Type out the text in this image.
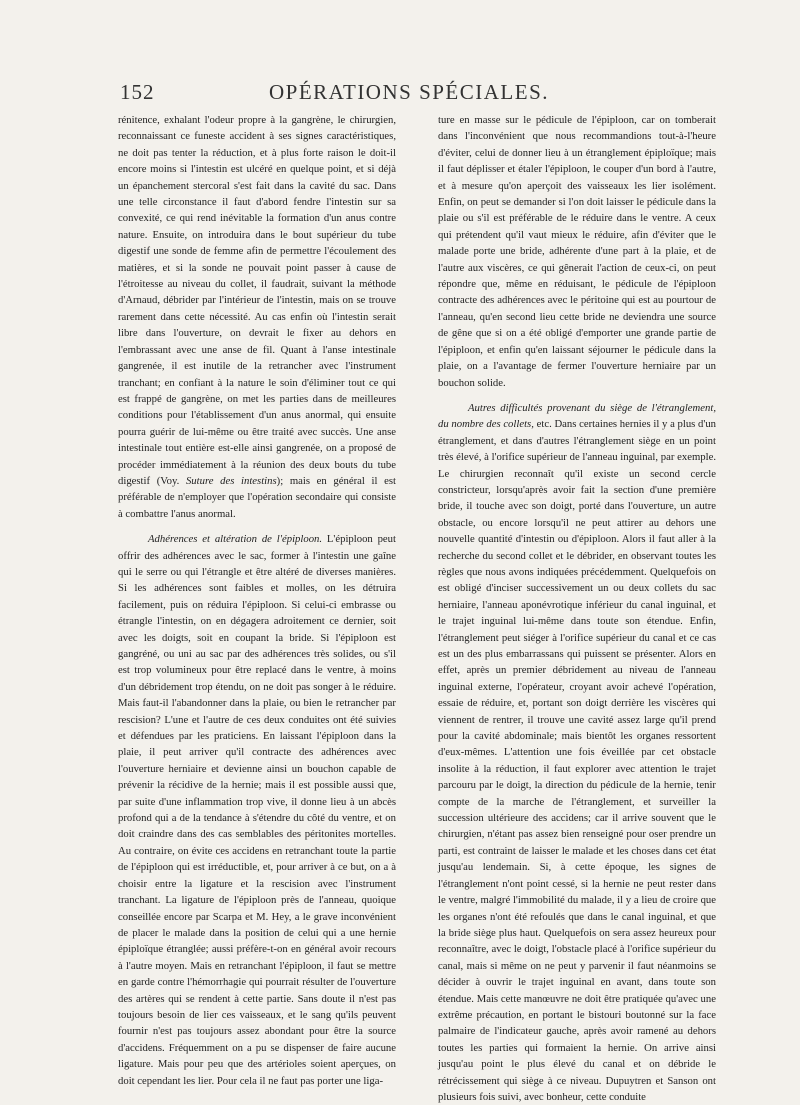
152	OPÉRATIONS SPÉCIALES.

rénitence, exhalant l'odeur propre à la gangrène, le chirurgien, reconnaissant ce funeste accident à ses signes caractéristiques, ne doit pas tenter la réduction, et à plus forte raison le doit-il encore moins si l'intestin est ulcéré en quelque point, et si déjà un épanchement stercoral s'est fait dans la cavité du sac. Dans une telle circonstance il faut d'abord fendre l'intestin sur sa convexité, ce qui rend inévitable la formation d'un anus contre nature. Ensuite, on introduira dans le bout supérieur du tube digestif une sonde de femme afin de permettre l'écoulement des matières, et si la sonde ne pouvait point passer à cause de l'étroitesse au niveau du collet, il faudrait, suivant la méthode d'Arnaud, débrider par l'intérieur de l'intestin, mais on se trouve rarement dans cette nécessité. Au cas enfin où l'intestin serait libre dans l'ouverture, on devrait le fixer au dehors en l'embrassant avec une anse de fil. Quant à l'anse intestinale gangrenée, il est inutile de la retrancher avec l'instrument tranchant; en confiant à la nature le soin d'éliminer tout ce qui est frappé de gangrène, on met les parties dans de meilleures conditions pour l'établissement d'un anus anormal, qui ensuite pourra guérir de lui-même ou être traité avec succès. Une anse intestinale tout entière est-elle ainsi gangrenée, on a proposé de procéder immédiatement à la réunion des deux bouts du tube digestif (Voy. Suture des intestins); mais en général il est préférable de n'employer que l'opération secondaire qui consiste à combattre l'anus anormal.

Adhérences et altération de l'épiploon. L'épiploon peut offrir des adhérences avec le sac, former à l'intestin une gaîne qui le serre ou qui l'étrangle et être altéré de diverses manières. Si les adhérences sont faibles et molles, on les détruira facilement, puis on réduira l'épiploon. Si celui-ci embrasse ou étrangle l'intestin, on en dégagera adroitement ce dernier, soit avec les doigts, soit en coupant la bride. Si l'épiploon est gangréné, ou uni au sac par des adhérences très solides, ou s'il est trop volumineux pour être replacé dans le ventre, à moins d'un débridement trop étendu, on ne doit pas songer à le réduire. Mais faut-il l'abandonner dans la plaie, ou bien le retrancher par rescision? L'une et l'autre de ces deux conduites ont été suivies et défendues par les praticiens. En laissant l'épiploon dans la plaie, il peut arriver qu'il contracte des adhérences avec l'ouverture herniaire et devienne ainsi un bouchon capable de prévenir la récidive de la hernie; mais il est possible aussi que, par suite d'une inflammation trop vive, il donne lieu à un abcès profond qui a de la tendance à s'étendre du côté du ventre, et on doit craindre dans des cas semblables des péritonites mortelles. Au contraire, on évite ces accidens en retranchant toute la partie de l'épiploon qui est irréductible, et, pour arriver à ce but, on a à choisir entre la ligature et la rescision avec l'instrument tranchant. La ligature de l'épiploon près de l'anneau, quoique conseillée encore par Scarpa et M. Hey, a le grave inconvénient de placer le malade dans la position de celui qui a une hernie épiploïque étranglée; aussi préfère-t-on en général avoir recours à l'autre moyen. Mais en retranchant l'épiploon, il faut se mettre en garde contre l'hémorrhagie qui pourrait résulter de l'ouverture des artères qui se rendent à cette partie. Sans doute il n'est pas toujours besoin de lier ces vaisseaux, et le sang qu'ils peuvent fournir n'est pas toujours assez abondant pour être la source d'accidens. Fréquemment on a pu se dispenser de faire aucune ligature. Mais pour peu que des artérioles soient aperçues, on doit cependant les lier. Pour cela il ne faut pas porter une liga-

ture en masse sur le pédicule de l'épiploon, car on tomberait dans l'inconvénient que nous recommandions tout-à-l'heure d'éviter, celui de donner lieu à un étranglement épiploïque; mais il faut déplisser et étaler l'épiploon, le couper d'un bord à l'autre, et à mesure qu'on aperçoit des vaisseaux les lier isolément. Enfin, on peut se demander si l'on doit laisser le pédicule dans la plaie ou s'il est préférable de le réduire dans le ventre. A ceux qui prétendent qu'il vaut mieux le réduire, afin d'éviter que le malade porte une bride, adhérente d'une part à la plaie, et de l'autre aux viscères, ce qui gênerait l'action de ceux-ci, on peut répondre que, même en réduisant, le pédicule de l'épiploon contracte des adhérences avec le péritoine qui est au pourtour de l'anneau, qu'en second lieu cette bride ne deviendra une source de gêne que si on a été obligé d'emporter une grande partie de l'épiploon, et enfin qu'en laissant séjourner le pédicule dans la plaie, on a l'avantage de fermer l'ouverture herniaire par un bouchon solide.

Autres difficultés provenant du siège de l'étranglement, du nombre des collets, etc. Dans certaines hernies il y a plus d'un étranglement, et dans d'autres l'étranglement siège en un point très élevé, à l'orifice supérieur de l'anneau inguinal, par exemple. Le chirurgien reconnaît qu'il existe un second cercle constricteur, lorsqu'après avoir fait la section d'une première bride, il touche avec son doigt, porté dans l'ouverture, un autre obstacle, ou encore lorsqu'il ne peut attirer au dehors une nouvelle quantité d'intestin ou d'épiploon. Alors il faut aller à la recherche du second collet et le débrider, en observant toutes les règles que nous avons indiquées précédemment. Quelquefois on est obligé d'inciser successivement un ou deux collets du sac herniaire, l'anneau aponévrotique inférieur du canal inguinal, et le trajet inguinal lui-même dans toute son étendue. Enfin, l'étranglement peut siéger à l'orifice supérieur du canal et ce cas est un des plus embarrassans qui puissent se présenter. Alors en effet, après un premier débridement au niveau de l'anneau inguinal externe, l'opérateur, croyant avoir achevé l'opération, essaie de réduire, et, portant son doigt derrière les viscères qui viennent de rentrer, il trouve une cavité assez large qu'il prend pour la cavité abdominale; mais bientôt les organes ressortent d'eux-mêmes. L'attention une fois éveillée par cet obstacle insolite à la réduction, il faut explorer avec attention le trajet parcouru par le doigt, la direction du pédicule de la hernie, tenir compte de la marche de l'étranglement, et surveiller la succession ultérieure des accidens; car il arrive souvent que le chirurgien, n'étant pas assez bien renseigné pour oser prendre un parti, est contraint de laisser le malade et les choses dans cet état jusqu'au lendemain. Si, à cette époque, les signes de l'étranglement n'ont point cessé, si la hernie ne peut rester dans le ventre, malgré l'immobilité du malade, il y a lieu de croire que les organes n'ont été refoulés que dans le canal inguinal, et que la bride siège plus haut. Quelquefois on sera assez heureux pour reconnaître, avec le doigt, l'obstacle placé à l'orifice supérieur du canal, mais si même on ne peut y parvenir il faut néanmoins se décider à ouvrir le trajet inguinal en avant, dans toute son étendue. Mais cette manœuvre ne doit être pratiquée qu'avec une extrême précaution, en portant le bistouri boutonné sur la face palmaire de l'indicateur gauche, après avoir ramené au dehors toutes les parties qui formaient la hernie. On arrive ainsi jusqu'au point le plus élevé du canal et on débride le rétrécissement qui siège à ce niveau. Dupuytren et Sanson ont plusieurs fois suivi, avec bonheur, cette conduite
